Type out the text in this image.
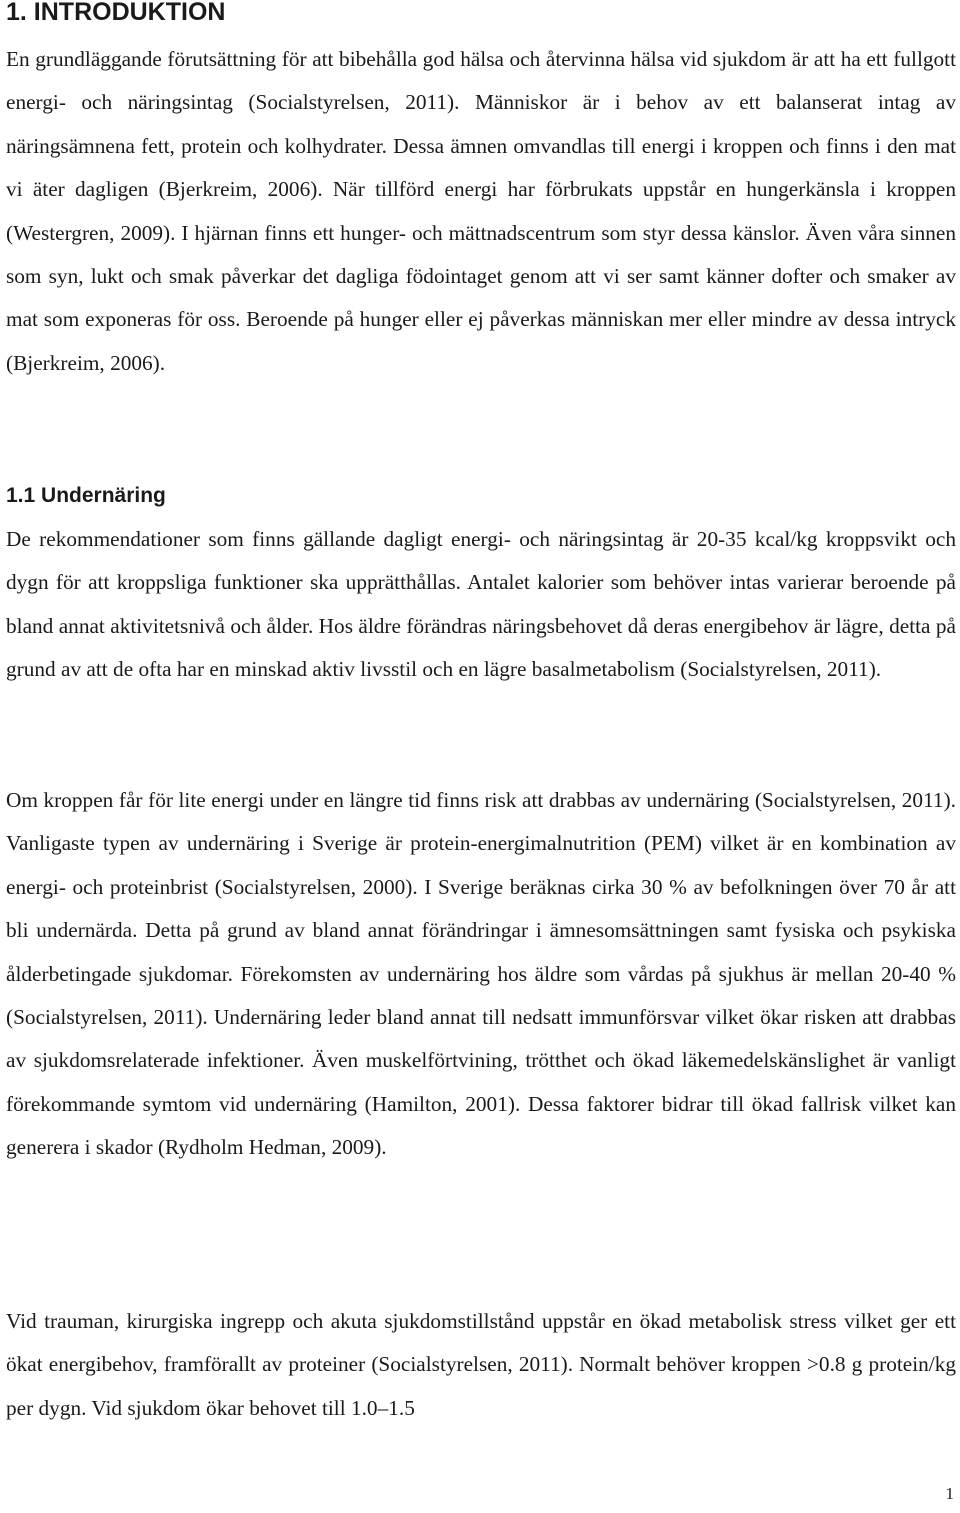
1. INTRODUKTION

En grundläggande förutsättning för att bibehålla god hälsa och återvinna hälsa vid sjukdom är att ha ett fullgott energi- och näringsintag (Socialstyrelsen, 2011). Människor är i behov av ett balanserat intag av näringsämnena fett, protein och kolhydrater. Dessa ämnen omvandlas till energi i kroppen och finns i den mat vi äter dagligen (Bjerkreim, 2006). När tillförd energi har förbrukats uppstår en hungerkänsla i kroppen (Westergren, 2009). I hjärnan finns ett hunger- och mättnadscentrum som styr dessa känslor. Även våra sinnen som syn, lukt och smak påverkar det dagliga födointaget genom att vi ser samt känner dofter och smaker av mat som exponeras för oss. Beroende på hunger eller ej påverkas människan mer eller mindre av dessa intryck (Bjerkreim, 2006).

1.1 Undernäring

De rekommendationer som finns gällande dagligt energi- och näringsintag är 20-35 kcal/kg kroppsvikt och dygn för att kroppsliga funktioner ska upprätthållas. Antalet kalorier som behöver intas varierar beroende på bland annat aktivitetsnivå och ålder. Hos äldre förändras näringsbehovet då deras energibehov är lägre, detta på grund av att de ofta har en minskad aktiv livsstil och en lägre basalmetabolism (Socialstyrelsen, 2011).

Om kroppen får för lite energi under en längre tid finns risk att drabbas av undernäring (Socialstyrelsen, 2011). Vanligaste typen av undernäring i Sverige är protein-energimalnutrition (PEM) vilket är en kombination av energi- och proteinbrist (Socialstyrelsen, 2000). I Sverige beräknas cirka 30 % av befolkningen över 70 år att bli undernärda. Detta på grund av bland annat förändringar i ämnesomsättningen samt fysiska och psykiska ålderbetingade sjukdomar. Förekomsten av undernäring hos äldre som vårdas på sjukhus är mellan 20-40 % (Socialstyrelsen, 2011). Undernäring leder bland annat till nedsatt immunförsvar vilket ökar risken att drabbas av sjukdomsrelaterade infektioner. Även muskelförtvining, trötthet och ökad läkemedelskänslighet är vanligt förekommande symtom vid undernäring (Hamilton, 2001). Dessa faktorer bidrar till ökad fallrisk vilket kan generera i skador (Rydholm Hedman, 2009).

Vid trauman, kirurgiska ingrepp och akuta sjukdomstillstånd uppstår en ökad metabolisk stress vilket ger ett ökat energibehov, framförallt av proteiner (Socialstyrelsen, 2011). Normalt behöver kroppen >0.8 g protein/kg per dygn. Vid sjukdom ökar behovet till 1.0–1.5

1
